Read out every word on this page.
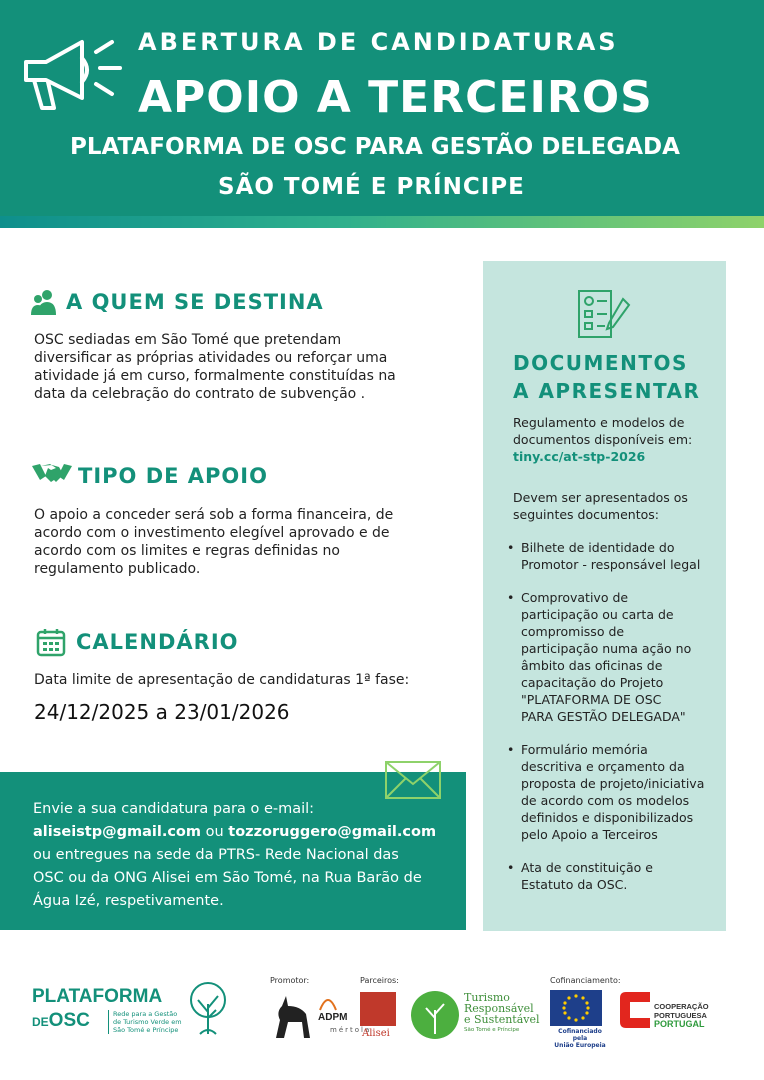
ABERTURA DE CANDIDATURAS
APOIO A TERCEIROS
PLATAFORMA DE OSC PARA GESTÃO DELEGADA
SÃO TOMÉ E PRÍNCIPE
A QUEM SE DESTINA
OSC sediadas em São Tomé que pretendam
diversificar as próprias atividades ou reforçar uma
atividade já em curso, formalmente constituídas na
data da celebração do contrato de subvenção .
TIPO DE APOIO
O apoio a conceder será sob a forma financeira, de
acordo com o investimento elegível aprovado e de
acordo com os limites e regras definidas no
regulamento publicado.
CALENDÁRIO
Data limite de apresentação de candidaturas 1ª fase:
24/12/2025 a 23/01/2026
DOCUMENTOS
A APRESENTAR
Regulamento e modelos de
documentos disponíveis em:
tiny.cc/at-stp-2026
Devem ser apresentados os
seguintes documentos:
• Bilhete de identidade do
Promotor - responsável legal
• Comprovativo de
participação ou carta de
compromisso de
participação numa ação no
âmbito das oficinas de
capacitação do Projeto
"PLATAFORMA DE OSC
PARA GESTÃO DELEGADA"
• Formulário memória
descritiva e orçamento da
proposta de projeto/iniciativa
de acordo com os modelos
definidos e disponibilizados
pelo Apoio a Terceiros
• Ata de constituição e
Estatuto da OSC.
Envie a sua candidatura para o e-mail:
aliseistp@gmail.com ou tozzoruggero@gmail.com
ou entregues na sede da PTRS- Rede Nacional das
OSC ou da ONG Alisei em São Tomé, na Rua Barão de
Água Izé, respetivamente.
PLATAFORMA
DEOSC	Rede para a Gestão
de Turismo Verde em
São Tomé e Príncipe
Promotor:
ADPM
mértola
Parceiros:
Alisei
Turismo
Responsável
e Sustentável
São Tomé e Príncipe
Cofinanciamento:
Cofinanciado pela
União Europeia
COOPERAÇÃO
PORTUGUESA
PORTUGAL
